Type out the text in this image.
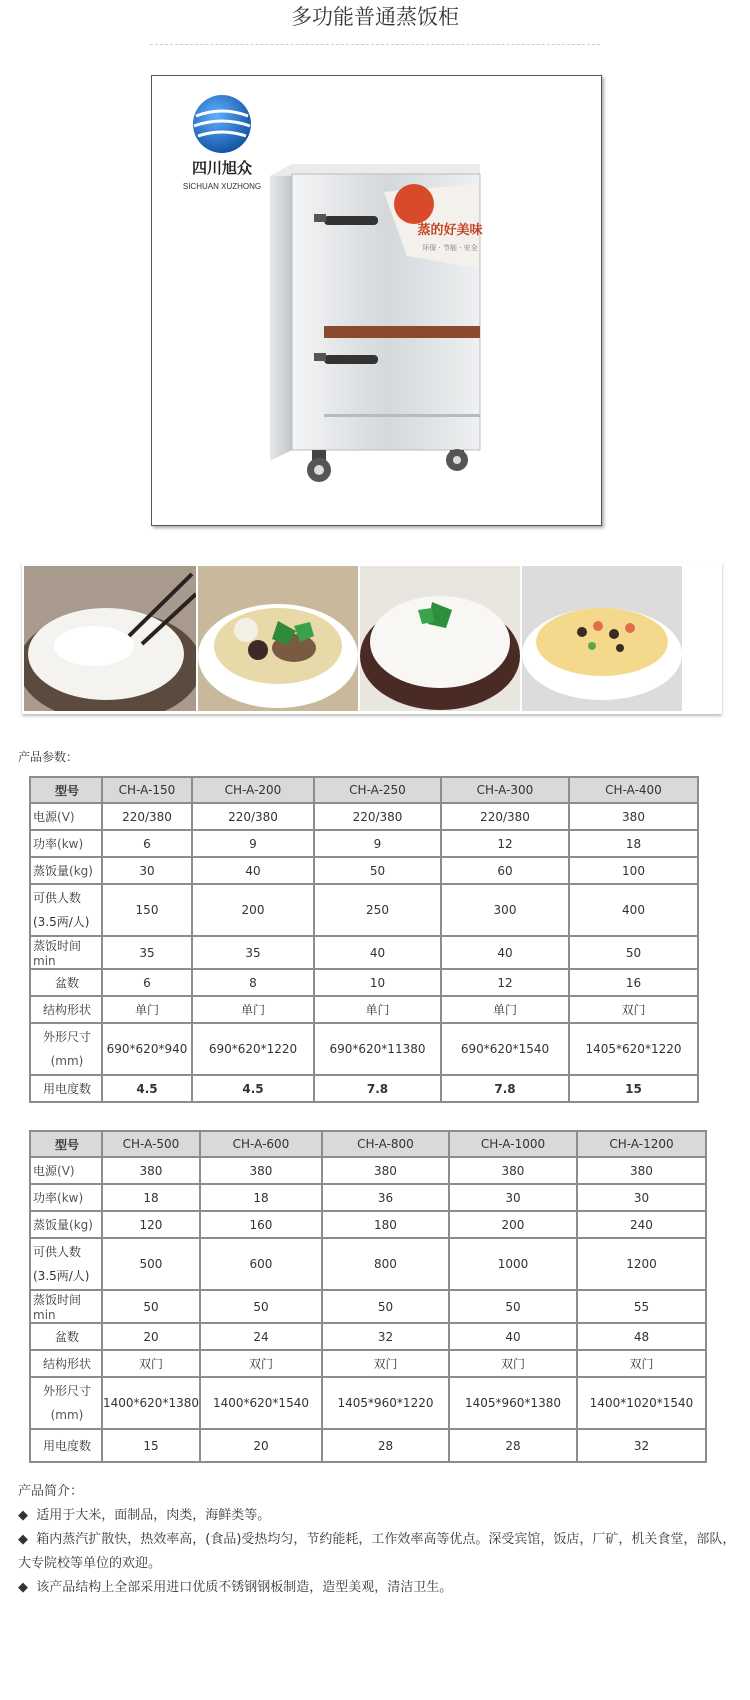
多功能普通蒸饭柜
四川旭众
SICHUAN XUZHONG
蒸的好美味
环保 · 节能 · 安全
产品参数：
型号	CH-A-150	CH-A-200	CH-A-250	CH-A-300	CH-A-400
电源(V)	220/380	220/380	220/380	220/380	380
功率(kw)	6	9	9	12	18
蒸饭量(kg)	30	40	50	60	100
可供人数(3.5两/人)	150	200	250	300	400
蒸饭时间min	35	35	40	40	50
盆数	6	8	10	12	16
结构形状	单门	单门	单门	单门	双门
外形尺寸
(mm)	690*620*940	690*620*1220	690*620*11380	690*620*1540	1405*620*1220
用电度数	4.5	4.5	7.8	7.8	15
型号	CH-A-500	CH-A-600	CH-A-800	CH-A-1000	CH-A-1200
电源(V)	380	380	380	380	380
功率(kw)	18	18	36	30	30
蒸饭量(kg)	120	160	180	200	240
可供人数(3.5两/人)	500	600	800	1000	1200
蒸饭时间min	50	50	50	50	55
盆数	20	24	32	40	48
结构形状	双门	双门	双门	双门	双门
外形尺寸
(mm)	1400*620*1380	1400*620*1540	1405*960*1220	1405*960*1380	1400*1020*1540
用电度数	15	20	28	28	32
产品简介：
◆ 适用于大米，面制品，肉类，海鲜类等。
◆ 箱内蒸汽扩散快，热效率高，(食品)受热均匀，节约能耗，工作效率高等优点。深受宾馆，饭店，厂矿，机关食堂，部队，大专院校等单位的欢迎。
◆ 该产品结构上全部采用进口优质不锈钢钢板制造，造型美观，清洁卫生。
